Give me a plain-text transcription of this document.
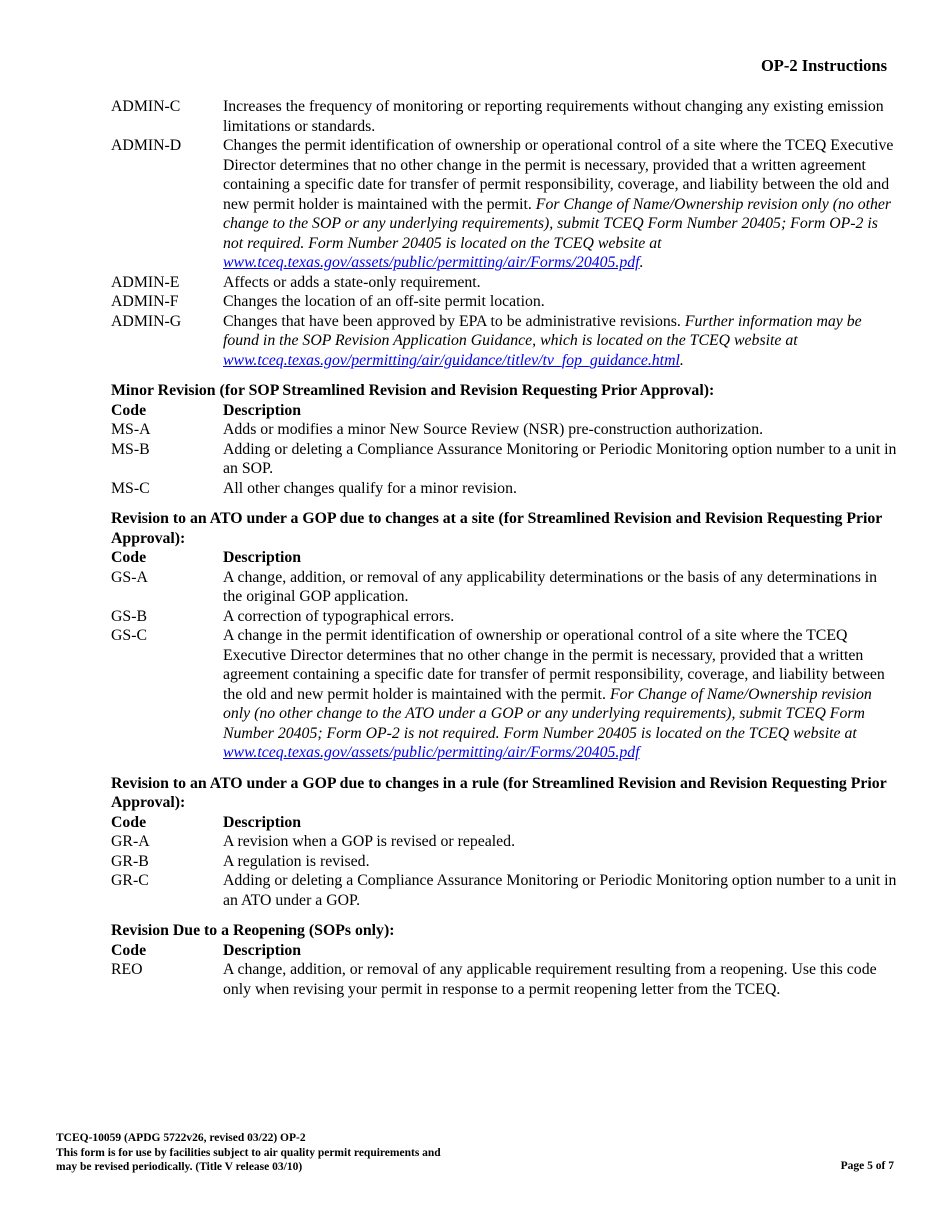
OP-2 Instructions
ADMIN-C	Increases the frequency of monitoring or reporting requirements without changing any existing emission limitations or standards.
ADMIN-D	Changes the permit identification of ownership or operational control of a site where the TCEQ Executive Director determines that no other change in the permit is necessary, provided that a written agreement containing a specific date for transfer of permit responsibility, coverage, and liability between the old and new permit holder is maintained with the permit. For Change of Name/Ownership revision only (no other change to the SOP or any underlying requirements), submit TCEQ Form Number 20405; Form OP-2 is not required. Form Number 20405 is located on the TCEQ website at www.tceq.texas.gov/assets/public/permitting/air/Forms/20405.pdf.
ADMIN-E	Affects or adds a state-only requirement.
ADMIN-F	Changes the location of an off-site permit location.
ADMIN-G	Changes that have been approved by EPA to be administrative revisions. Further information may be found in the SOP Revision Application Guidance, which is located on the TCEQ website at www.tceq.texas.gov/permitting/air/guidance/titlev/tv_fop_guidance.html.
Minor Revision (for SOP Streamlined Revision and Revision Requesting Prior Approval):
Code	Description
MS-A	Adds or modifies a minor New Source Review (NSR) pre-construction authorization.
MS-B	Adding or deleting a Compliance Assurance Monitoring or Periodic Monitoring option number to a unit in an SOP.
MS-C	All other changes qualify for a minor revision.
Revision to an ATO under a GOP due to changes at a site (for Streamlined Revision and Revision Requesting Prior Approval):
Code	Description
GS-A	A change, addition, or removal of any applicability determinations or the basis of any determinations in the original GOP application.
GS-B	A correction of typographical errors.
GS-C	A change in the permit identification of ownership or operational control of a site where the TCEQ Executive Director determines that no other change in the permit is necessary, provided that a written agreement containing a specific date for transfer of permit responsibility, coverage, and liability between the old and new permit holder is maintained with the permit. For Change of Name/Ownership revision only (no other change to the ATO under a GOP or any underlying requirements), submit TCEQ Form Number 20405; Form OP-2 is not required. Form Number 20405 is located on the TCEQ website at www.tceq.texas.gov/assets/public/permitting/air/Forms/20405.pdf
Revision to an ATO under a GOP due to changes in a rule (for Streamlined Revision and Revision Requesting Prior Approval):
Code	Description
GR-A	A revision when a GOP is revised or repealed.
GR-B	A regulation is revised.
GR-C	Adding or deleting a Compliance Assurance Monitoring or Periodic Monitoring option number to a unit in an ATO under a GOP.
Revision Due to a Reopening (SOPs only):
Code	Description
REO	A change, addition, or removal of any applicable requirement resulting from a reopening. Use this code only when revising your permit in response to a permit reopening letter from the TCEQ.
TCEQ-10059 (APDG 5722v26, revised 03/22) OP-2
This form is for use by facilities subject to air quality permit requirements and
may be revised periodically. (Title V release 03/10)	Page 5 of 7
